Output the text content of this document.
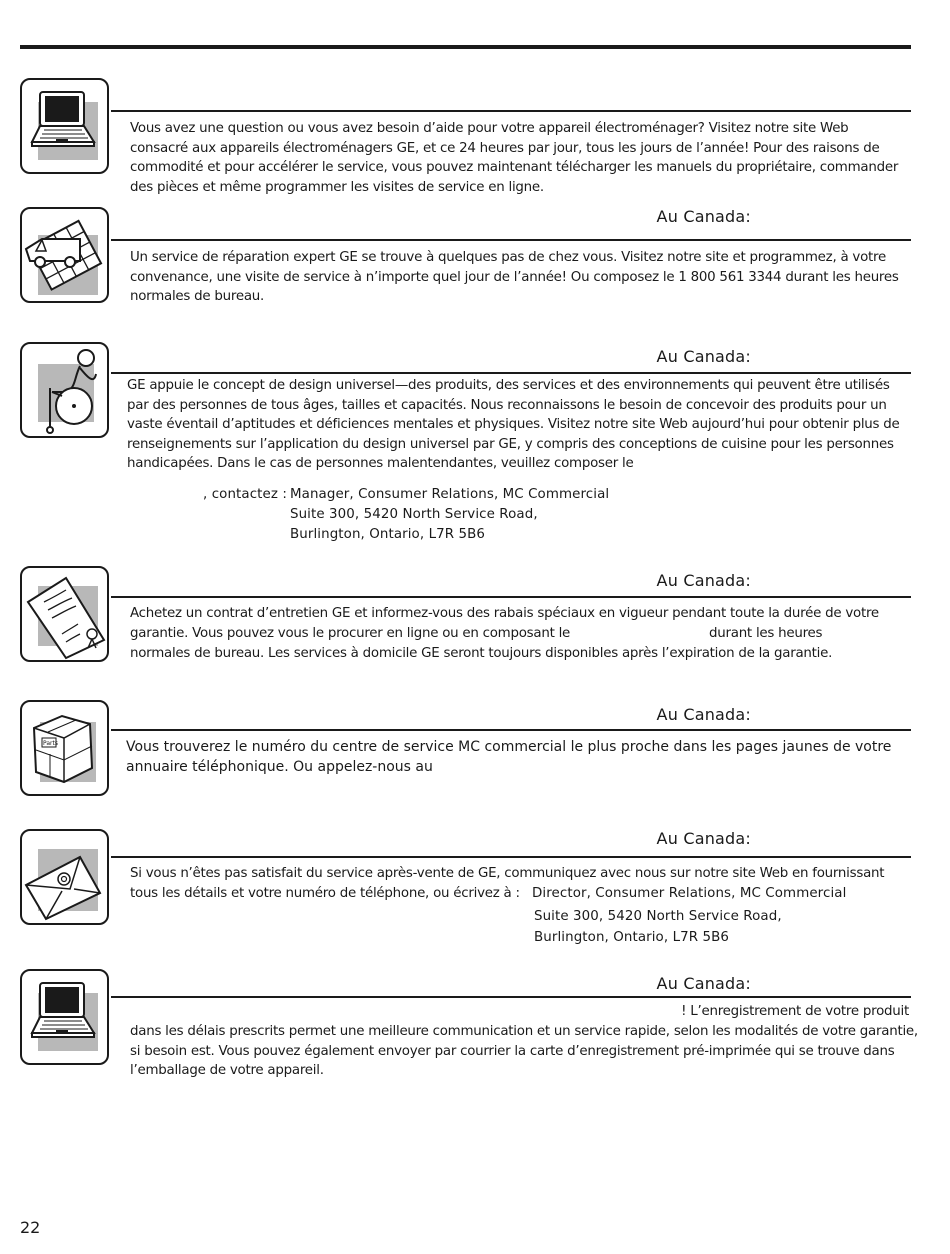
Vous avez une question ou vous avez besoin d’aide pour votre appareil électroménager? Visitez notre site Web consacré aux appareils électroménagers GE, et ce 24 heures par jour, tous les jours de l’année! Pour des raisons de commodité et pour accélérer le service, vous pouvez maintenant télécharger les manuels du propriétaire, commander des pièces et même programmer les visites de service en ligne.
Au Canada:
Un service de réparation expert GE se trouve à quelques pas de chez vous. Visitez notre site et programmez, à votre convenance, une visite de service à n’importe quel jour de l’année! Ou composez le 1 800 561 3344 durant les heures normales de bureau.
Au Canada:
GE appuie le concept de design universel—des produits, des services et des environnements qui peuvent être utilisés par des personnes de tous âges, tailles et capacités. Nous reconnaissons le besoin de concevoir des produits pour un vaste éventail d’aptitudes et déficiences mentales et physiques. Visitez notre site Web aujourd’hui pour obtenir plus de renseignements sur l’application du design universel par GE, y compris des conceptions de cuisine pour les personnes handicapées. Dans le cas de personnes malentendantes, veuillez composer le
, contactez : Manager, Consumer Relations, MC Commercial
Suite 300, 5420 North Service Road,
Burlington, Ontario, L7R 5B6
Au Canada:
Achetez un contrat d’entretien GE et informez-vous des rabais spéciaux en vigueur pendant toute la durée de votre
garantie. Vous pouvez vous le procurer en ligne ou en composant le	durant les heures
normales de bureau. Les services à domicile GE seront toujours disponibles après l’expiration de la garantie.
Parts
Au Canada:
Vous trouverez le numéro du centre de service MC commercial le plus proche dans les pages jaunes de votre annuaire téléphonique. Ou appelez-nous au
Au Canada:
Si vous n’êtes pas satisfait du service après-vente de GE, communiquez avec nous sur notre site Web en fournissant
tous les détails et votre numéro de téléphone, ou écrivez à : Director, Consumer Relations, MC Commercial
Suite 300, 5420 North Service Road,
Burlington, Ontario, L7R 5B6
Au Canada:
! L’enregistrement de votre produit
dans les délais prescrits permet une meilleure communication et un service rapide, selon les modalités de votre garantie, si besoin est. Vous pouvez également envoyer par courrier la carte d’enregistrement pré-imprimée qui se trouve dans l’emballage de votre appareil.
22
